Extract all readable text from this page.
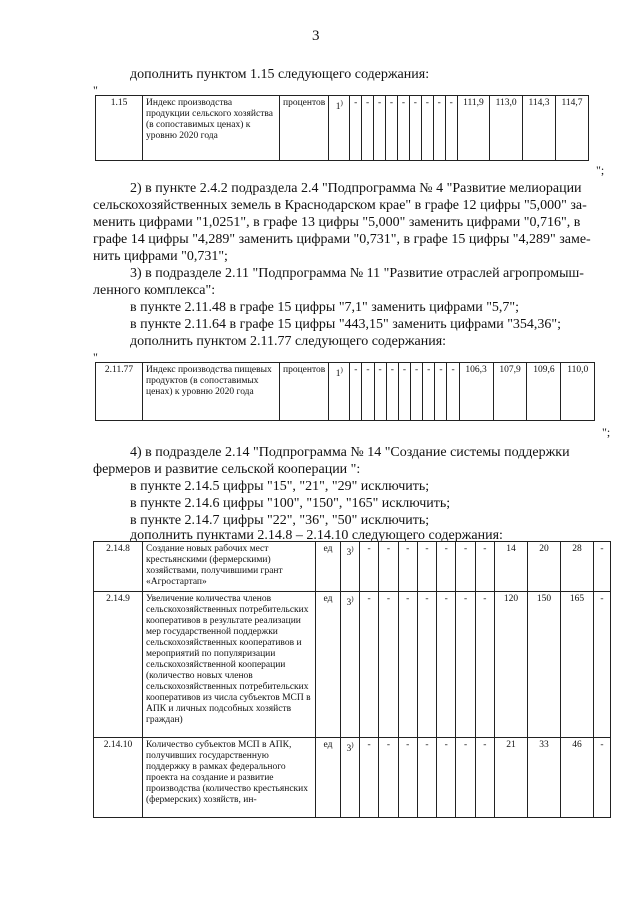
3
дополнить пунктом 1.15 следующего содержания:
"
1.15	Индекс производства продукции сельского хозяйства (в сопоставимых ценах) к уровню 2020 года	процентов	1)	-	-	-	-	-	-	-	-	-	111,9	113,0	114,3	114,7
";
2) в пункте 2.4.2 подраздела 2.4 "Подпрограмма № 4 "Развитие мелиорации
сельскохозяйственных земель в Краснодарском крае" в графе 12 цифры "5,000" за-
менить цифрами "1,0251", в графе 13 цифры "5,000" заменить цифрами "0,716", в
графе 14 цифры "4,289" заменить цифрами "0,731", в графе 15 цифры "4,289" заме-
нить цифрами "0,731";
3) в подразделе 2.11 "Подпрограмма № 11 "Развитие отраслей агропромыш-
ленного комплекса":
в пункте 2.11.48 в графе 15 цифры "7,1" заменить цифрами "5,7";
в пункте 2.11.64 в графе 15 цифры "443,15" заменить цифрами "354,36";
дополнить пунктом 2.11.77 следующего содержания:
"
2.11.77	Индекс производства пищевых продуктов (в сопоставимых ценах) к уровню 2020 года	процентов	1)	-	-	-	-	-	-	-	-	-	106,3	107,9	109,6	110,0
";
4) в подразделе 2.14 "Подпрограмма № 14 "Создание системы поддержки
фермеров и развитие сельской кооперации ":
в пункте 2.14.5 цифры "15", "21", "29" исключить;
в пункте 2.14.6 цифры "100", "150", "165" исключить;
в пункте 2.14.7 цифры "22", "36", "50" исключить;
дополнить пунктами 2.14.8 – 2.14.10 следующего содержания:
2.14.8	Создание новых рабочих мест крестьянскими (фермерскими) хозяйствами, получившими грант «Агростартап»	ед	3)	-	-	-	-	-	-	-	14	20	28	-
2.14.9	Увеличение количества членов сельскохозяйственных потребительских кооперативов в результате реализации мер государственной поддержки сельскохозяйственных кооперативов и мероприятий по популяризации сельскохозяйственной кооперации (количество новых членов сельскохозяйственных потребительских кооперативов из числа субъектов МСП в АПК и личных подсобных хозяйств граждан)	ед	3)	-	-	-	-	-	-	-	120	150	165	-
2.14.10	Количество субъектов МСП в АПК, получивших государственную поддержку в рамках федерального проекта на создание и развитие производства (количество крестьянских (фермерских) хозяйств, ин-	ед	3)	-	-	-	-	-	-	-	21	33	46	-
